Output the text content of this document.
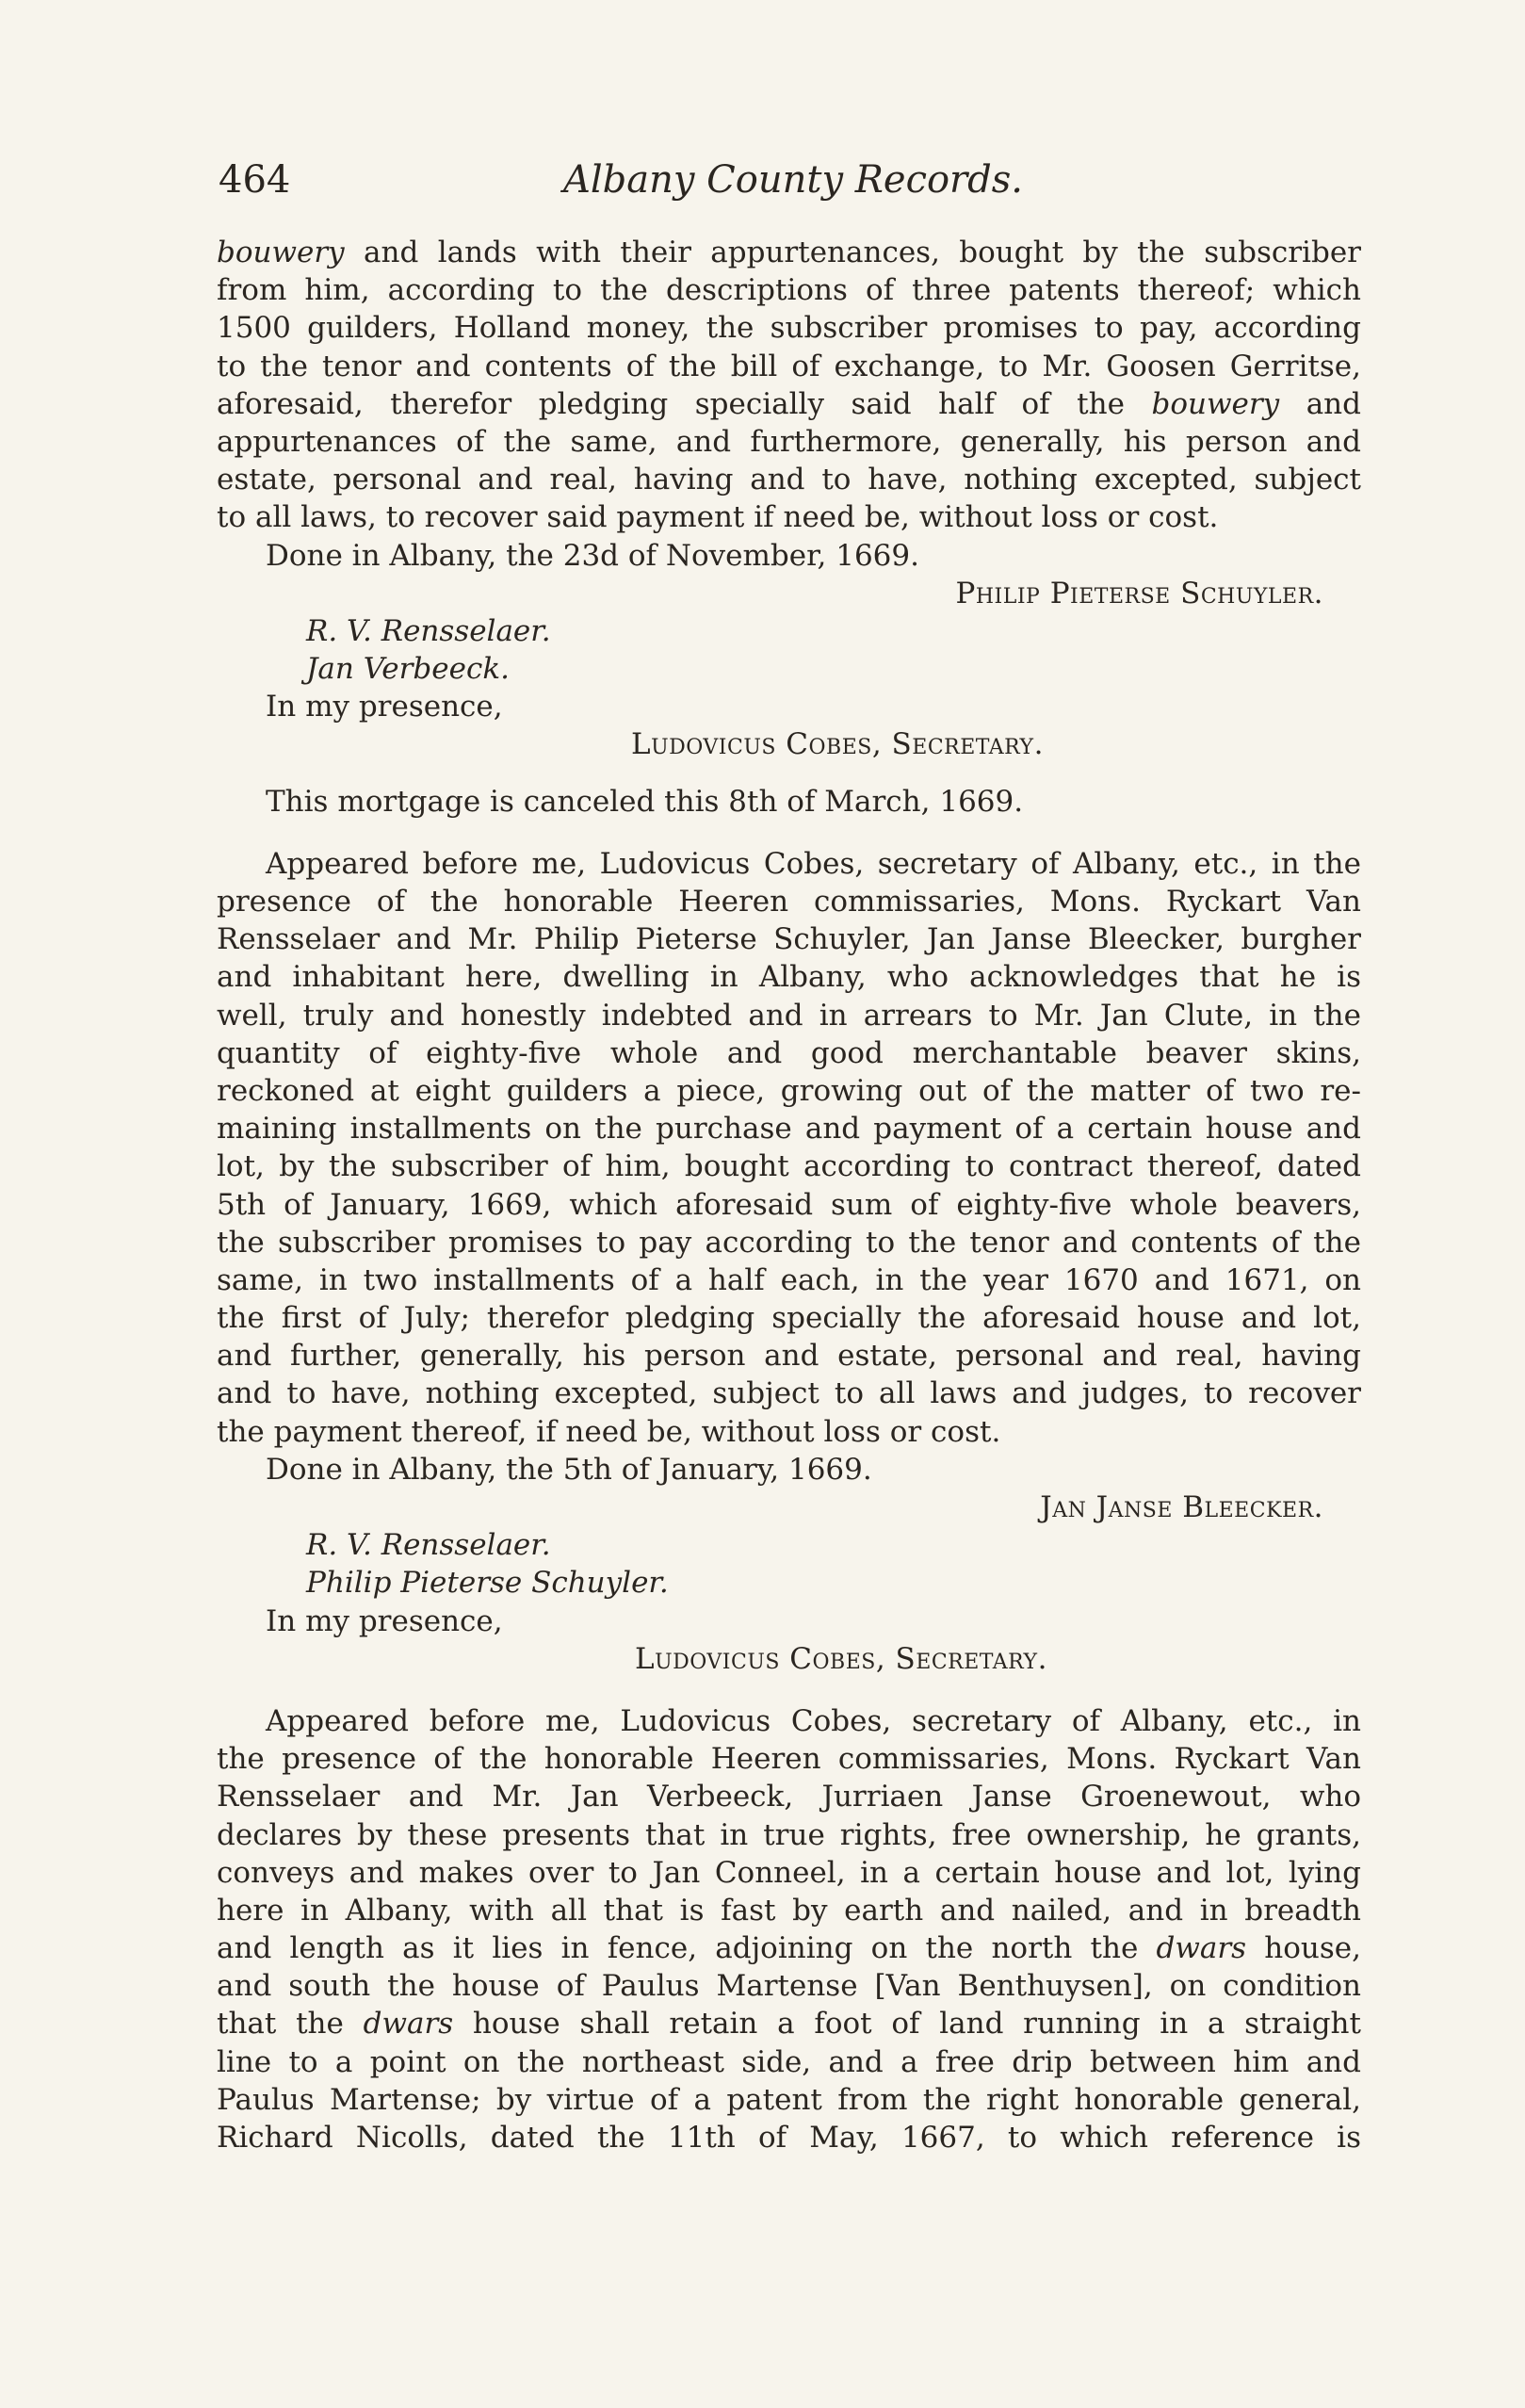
464	Albany County Records.
bouwery and lands with their appurtenances, bought by the subscriber
from him, according to the descriptions of three patents thereof; which
1500 guilders, Holland money, the subscriber promises to pay, according
to the tenor and contents of the bill of exchange, to Mr. Goosen Gerritse,
aforesaid, therefor pledging specially said half of the bouwery and
appurtenances of the same, and furthermore, generally, his person and
estate, personal and real, having and to have, nothing excepted, subject
to all laws, to recover said payment if need be, without loss or cost.
Done in Albany, the 23d of November, 1669.
Philip Pieterse Schuyler.
R. V. Rensselaer.
Jan Verbeeck.
In my presence,
Ludovicus Cobes, Secretary.
This mortgage is canceled this 8th of March, 1669.
Appeared before me, Ludovicus Cobes, secretary of Albany, etc., in the
presence of the honorable Heeren commissaries, Mons. Ryckart Van
Rensselaer and Mr. Philip Pieterse Schuyler, Jan Janse Bleecker, burgher
and inhabitant here, dwelling in Albany, who acknowledges that he is
well, truly and honestly indebted and in arrears to Mr. Jan Clute, in the
quantity of eighty-five whole and good merchantable beaver skins,
reckoned at eight guilders a piece, growing out of the matter of two re-
maining installments on the purchase and payment of a certain house and
lot, by the subscriber of him, bought according to contract thereof, dated
5th of January, 1669, which aforesaid sum of eighty-five whole beavers,
the subscriber promises to pay according to the tenor and contents of the
same, in two installments of a half each, in the year 1670 and 1671, on
the first of July; therefor pledging specially the aforesaid house and lot,
and further, generally, his person and estate, personal and real, having
and to have, nothing excepted, subject to all laws and judges, to recover
the payment thereof, if need be, without loss or cost.
Done in Albany, the 5th of January, 1669.
Jan Janse Bleecker.
R. V. Rensselaer.
Philip Pieterse Schuyler.
In my presence,
Ludovicus Cobes, Secretary.
Appeared before me, Ludovicus Cobes, secretary of Albany, etc., in
the presence of the honorable Heeren commissaries, Mons. Ryckart Van
Rensselaer and Mr. Jan Verbeeck, Jurriaen Janse Groenewout, who
declares by these presents that in true rights, free ownership, he grants,
conveys and makes over to Jan Conneel, in a certain house and lot, lying
here in Albany, with all that is fast by earth and nailed, and in breadth
and length as it lies in fence, adjoining on the north the dwars house,
and south the house of Paulus Martense [Van Benthuysen], on condition
that the dwars house shall retain a foot of land running in a straight
line to a point on the northeast side, and a free drip between him and
Paulus Martense; by virtue of a patent from the right honorable general,
Richard Nicolls, dated the 11th of May, 1667, to which reference is
